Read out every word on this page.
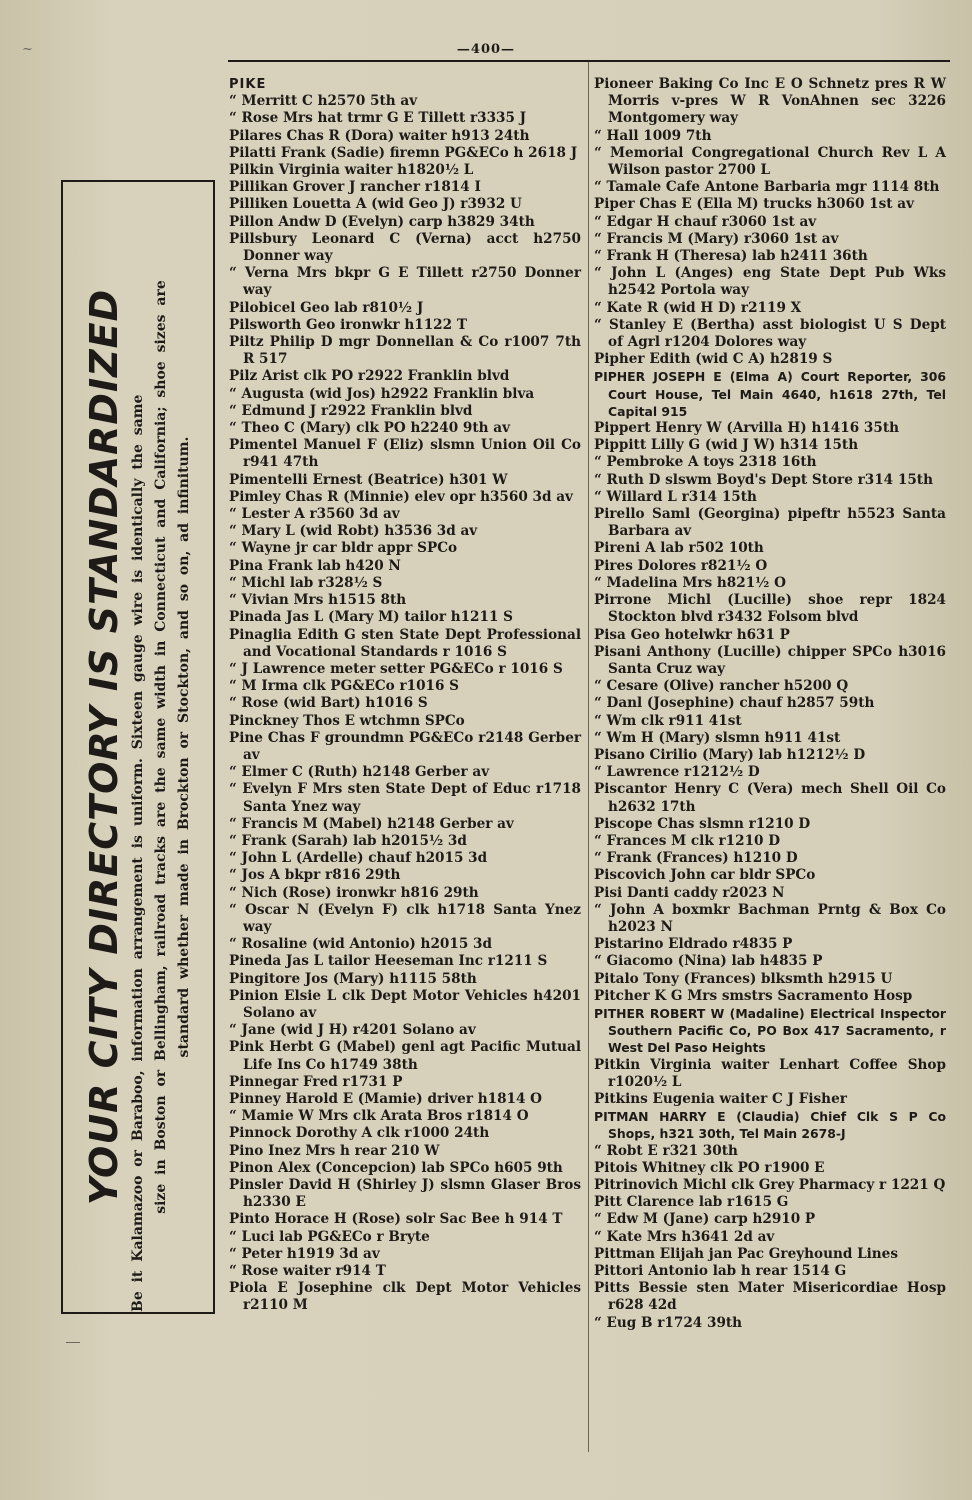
~	—400—
YOUR CITY DIRECTORY IS STANDARDIZED Be it Kalamazoo or Baraboo, information arrangement is uniform. Sixteen gauge wire is identically the same size in Boston or Bellingham, railroad tracks are the same width in Connecticut and California; shoe sizes are standard whether made in Brockton or Stockton, and so on, ad infinitum.
PIKE
“ Merritt C h2570 5th av
“ Rose Mrs hat trmr G E Tillett r3335 J
Pilares Chas R (Dora) waiter h913 24th
Pilatti Frank (Sadie) firemn PG&ECo h 2618 J
Pilkin Virginia waiter h1820½ L
Pillikan Grover J rancher r1814 I
Pilliken Louetta A (wid Geo J) r3932 U
Pillon Andw D (Evelyn) carp h3829 34th
Pillsbury Leonard C (Verna) acct h2750 Donner way
“ Verna Mrs bkpr G E Tillett r2750 Donner way
Pilobicel Geo lab r810½ J
Pilsworth Geo ironwkr h1122 T
Piltz Philip D mgr Donnellan & Co r1007 7th R 517
Pilz Arist clk PO r2922 Franklin blvd
“ Augusta (wid Jos) h2922 Franklin blva
“ Edmund J r2922 Franklin blvd
“ Theo C (Mary) clk PO h2240 9th av
Pimentel Manuel F (Eliz) slsmn Union Oil Co r941 47th
Pimentelli Ernest (Beatrice) h301 W
Pimley Chas R (Minnie) elev opr h3560 3d av
“ Lester A r3560 3d av
“ Mary L (wid Robt) h3536 3d av
“ Wayne jr car bldr appr SPCo
Pina Frank lab h420 N
“ Michl lab r328½ S
“ Vivian Mrs h1515 8th
Pinada Jas L (Mary M) tailor h1211 S
Pinaglia Edith G sten State Dept Professional and Vocational Standards r 1016 S
“ J Lawrence meter setter PG&ECo r 1016 S
“ M Irma clk PG&ECo r1016 S
“ Rose (wid Bart) h1016 S
Pinckney Thos E wtchmn SPCo
Pine Chas F groundmn PG&ECo r2148 Gerber av
“ Elmer C (Ruth) h2148 Gerber av
“ Evelyn F Mrs sten State Dept of Educ r1718 Santa Ynez way
“ Francis M (Mabel) h2148 Gerber av
“ Frank (Sarah) lab h2015½ 3d
“ John L (Ardelle) chauf h2015 3d
“ Jos A bkpr r816 29th
“ Nich (Rose) ironwkr h816 29th
“ Oscar N (Evelyn F) clk h1718 Santa Ynez way
“ Rosaline (wid Antonio) h2015 3d
Pineda Jas L tailor Heeseman Inc r1211 S
Pingitore Jos (Mary) h1115 58th
Pinion Elsie L clk Dept Motor Vehicles h4201 Solano av
“ Jane (wid J H) r4201 Solano av
Pink Herbt G (Mabel) genl agt Pacific Mutual Life Ins Co h1749 38th
Pinnegar Fred r1731 P
Pinney Harold E (Mamie) driver h1814 O
“ Mamie W Mrs clk Arata Bros r1814 O
Pinnock Dorothy A clk r1000 24th
Pino Inez Mrs h rear 210 W
Pinon Alex (Concepcion) lab SPCo h605 9th
Pinsler David H (Shirley J) slsmn Glaser Bros h2330 E
Pinto Horace H (Rose) solr Sac Bee h 914 T
“ Luci lab PG&ECo r Bryte
“ Peter h1919 3d av
“ Rose waiter r914 T
Piola E Josephine clk Dept Motor Vehicles r2110 M
Pioneer Baking Co Inc E O Schnetz pres R W Morris v-pres W R VonAhnen sec 3226 Montgomery way
“ Hall 1009 7th
“ Memorial Congregational Church Rev L A Wilson pastor 2700 L
“ Tamale Cafe Antone Barbaria mgr 1114 8th
Piper Chas E (Ella M) trucks h3060 1st av
“ Edgar H chauf r3060 1st av
“ Francis M (Mary) r3060 1st av
“ Frank H (Theresa) lab h2411 36th
“ John L (Anges) eng State Dept Pub Wks h2542 Portola way
“ Kate R (wid H D) r2119 X
“ Stanley E (Bertha) asst biologist U S Dept of Agrl r1204 Dolores way
Pipher Edith (wid C A) h2819 S
PIPHER JOSEPH E (Elma A) Court Reporter, 306 Court House, Tel Main 4640, h1618 27th, Tel Capital 915
Pippert Henry W (Arvilla H) h1416 35th
Pippitt Lilly G (wid J W) h314 15th
“ Pembroke A toys 2318 16th
“ Ruth D slswm Boyd's Dept Store r314 15th
“ Willard L r314 15th
Pirello Saml (Georgina) pipeftr h5523 Santa Barbara av
Pireni A lab r502 10th
Pires Dolores r821½ O
“ Madelina Mrs h821½ O
Pirrone Michl (Lucille) shoe repr 1824 Stockton blvd r3432 Folsom blvd
Pisa Geo hotelwkr h631 P
Pisani Anthony (Lucille) chipper SPCo h3016 Santa Cruz way
“ Cesare (Olive) rancher h5200 Q
“ Danl (Josephine) chauf h2857 59th
“ Wm clk r911 41st
“ Wm H (Mary) slsmn h911 41st
Pisano Cirilio (Mary) lab h1212½ D
“ Lawrence r1212½ D
Piscantor Henry C (Vera) mech Shell Oil Co h2632 17th
Piscope Chas slsmn r1210 D
“ Frances M clk r1210 D
“ Frank (Frances) h1210 D
Piscovich John car bldr SPCo
Pisi Danti caddy r2023 N
“ John A boxmkr Bachman Prntg & Box Co h2023 N
Pistarino Eldrado r4835 P
“ Giacomo (Nina) lab h4835 P
Pitalo Tony (Frances) blksmth h2915 U
Pitcher K G Mrs smstrs Sacramento Hosp
PITHER ROBERT W (Madaline) Electrical Inspector Southern Pacific Co, PO Box 417 Sacramento, r West Del Paso Heights
Pitkin Virginia waiter Lenhart Coffee Shop r1020½ L
Pitkins Eugenia waiter C J Fisher
PITMAN HARRY E (Claudia) Chief Clk S P Co Shops, h321 30th, Tel Main 2678-J
“ Robt E r321 30th
Pitois Whitney clk PO r1900 E
Pitrinovich Michl clk Grey Pharmacy r 1221 Q
Pitt Clarence lab r1615 G
“ Edw M (Jane) carp h2910 P
“ Kate Mrs h3641 2d av
Pittman Elijah jan Pac Greyhound Lines
Pittori Antonio lab h rear 1514 G
Pitts Bessie sten Mater Misericordiae Hosp r628 42d
“ Eug B r1724 39th
